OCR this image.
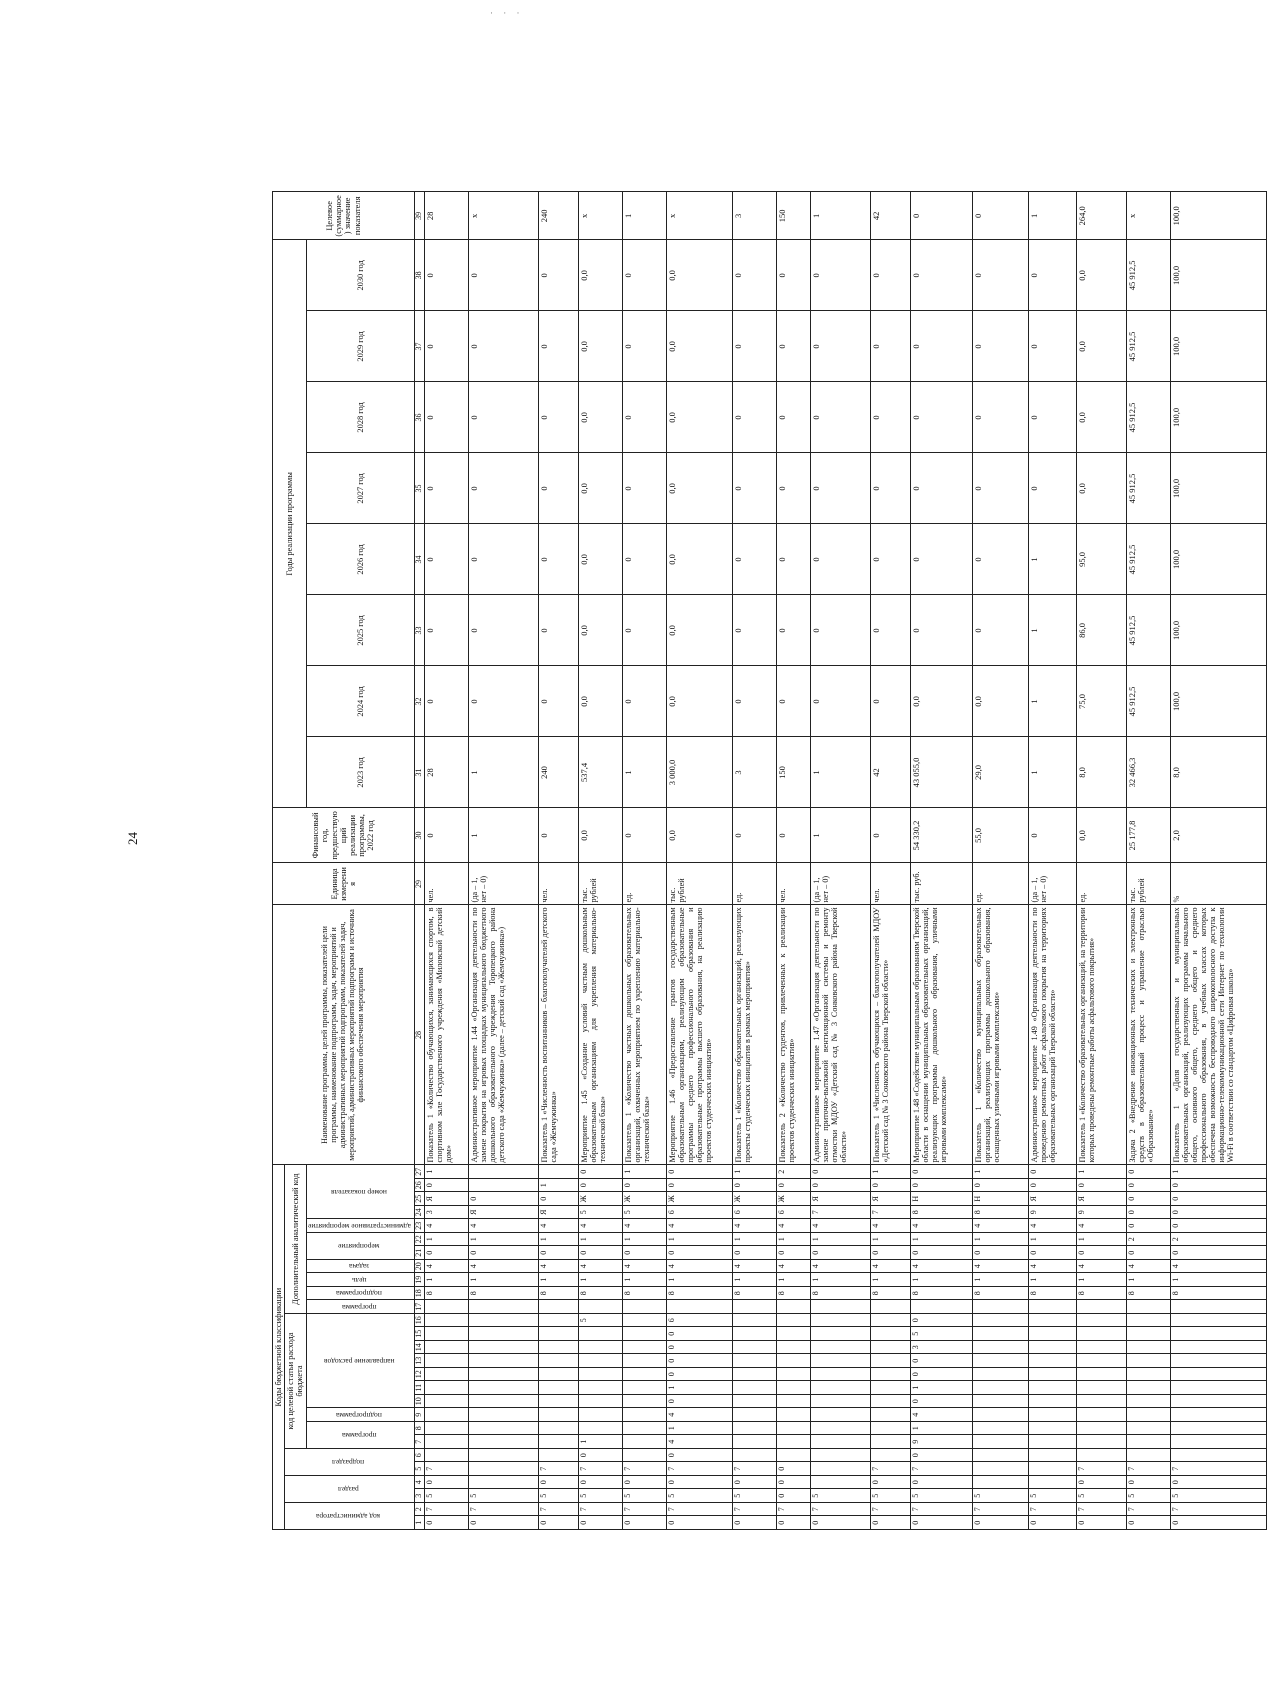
· · ·
24
Коды бюджетной классификации																											Наименование программы, целей программы, показателей цели программы, наименование подпрограмм, задач, мероприятий и административных мероприятий подпрограмм, показателей задач, мероприятий, административных мероприятий подпрограмм и источника финансового обеспечения мероприятия	Единица измерения	Финансовый год, предшествующий реализации программы, 2022 год	Годы реализации программы								Целевое (суммарное) значение показателя
код администратора		раздел		подраздел		код целевой статьи расхода бюджета										Дополнительный аналитический код																						
						программа		подпрограмма	направление расходов							программа	подпрограмма	цель	задача	мероприятие		административное мероприятие	номер показателя															
																														2023 год	2024 год	2025 год	2026 год	2027 год	2028 год	2029 год	2030 год	
1	2	3	4	5	6	7	8	9	10	11	12	13	14	15	16	17	18	19	20	21	22	23	24	25	26	27	28	29	30	31	32	33	34	35	36	37	38	39
0	7	5	0	7													8	1	4	0	1	4	3	Я	0	1	Показатель 1 «Количество обучающихся, занимающихся спортом, в спортивном зале Государственного учреждения «Миловской детский дом»	чел.	0	28	0	0	0	0	0	0	0	28
0	7	5															8	1	4	0	1	4	Я	0			Административное мероприятие 1.44 «Организация деятельности по замене покрытия на игровых площадках муниципального бюджетного дошкольного образовательного учреждения Торопецкого района детского сада «Жемчужинка» (далее – детский сад «Жемчужинка»)	(да – 1, нет – 0)	1	1	0	0	0	0	0	0	0	х
0	7	5	0	7													8	1	4	0	1	4	Я	0	1		Показатель 1 «Численность воспитанников – благополучателей детского сада «Жемчужинка»	чел.	0	240	0	0	0	0	0	0	0	240
0	7	5	0	7	0	1									5		8	1	4	0	1	4	5	Ж	0	0	Мероприятие 1.45 «Создание условий частным дошкольным образовательным организациям для укрепления материально-технической базы»	тыс. рублей	0,0	537,4	0,0	0,0	0,0	0,0	0,0	0,0	0,0	х
0	7	5	0	7													8	1	4	0	1	4	5	Ж	0	1	Показатель 1 «Количество частных дошкольных образовательных организаций, охваченных мероприятием по укреплению материально-технической базы»	ед.	0	1	0	0	0	0	0	0	0	1
0	7	5	0	7	0	4	1	4	0	1	0	0	0	0	6		8	1	4	0	1	4	6	Ж	0	0	Мероприятие 1.46 «Предоставление грантов государственным образовательным организациям, реализующим образовательные программы среднего профессионального образования и образовательные программы высшего образования, на реализацию проектов студенческих инициатив»	тыс. рублей	0,0	3 000,0	0,0	0,0	0,0	0,0	0,0	0,0	0,0	х
0	7	5	0	7													8	1	4	0	1	4	6	Ж	0	1	Показатель 1 «Количество образовательных организаций, реализующих проекты студенческих инициатив в рамках мероприятия»	ед.	0	3	0	0	0	0	0	0	0	3
0	7	0	0	0													8	1	4	0	1	4	6	Ж	0	2	Показатель 2 «Количество студентов, привлеченных к реализации проектов студенческих инициатив»	чел.	0	150	0	0	0	0	0	0	0	150
0	7	5															8	1	4	0	1	4	7	Я	0	0	Административное мероприятие 1.47 «Организация деятельности по замене приточно-вытяжной вентиляционной системы и ремонту отмостки МДОУ «Детский сад № 3 Сонковского района Тверской области»	(да – 1, нет – 0)	1	1	0	0	0	0	0	0	0	1
0	7	5	0	7													8	1	4	0	1	4	7	Я	0	1	Показатель 1 «Численность обучающихся – благополучателей МДОУ «Детский сад № 3 Сонковского района Тверской области»	чел.	0	42	0	0	0	0	0	0	0	42
0	7	5	0	7	0	9	1	4	0	1	0	0	3	5	0		8	1	4	0	1	4	8	Н	0	0	Мероприятие 1.48 «Содействие муниципальным образованиям Тверской области в оснащении муниципальных образовательных организаций, реализующих программы дошкольного образования, уличными игровыми комплексами»	тыс. руб.	54 330,2	43 055,0	0,0	0	0	0	0	0	0	0
0	7	5															8	1	4	0	1	4	8	Н	0	1	Показатель 1 «Количество муниципальных образовательных организаций, реализующих программы дошкольного образования, оснащенных уличными игровыми комплексами»	ед.	55,0	29,0	0,0	0	0	0	0	0	0	0
0	7	5															8	1	4	0	1	4	9	Я	0	0	Административное мероприятие 1.49 «Организация деятельности по проведению ремонтных работ асфальтового покрытия на территориях образовательных организаций Тверской области»	(да – 1, нет – 0)	0	1	1	1	1	0	0	0	0	1
0	7	5	0	7													8	1	4	0	1	4	9	Я	0	1	Показатель 1 «Количество образовательных организаций, на территории которых проведены ремонтные работы асфальтового покрытия»	ед.	0,0	8,0	75,0	86,0	95,0	0,0	0,0	0,0	0,0	264,0
0	7	5	0	7													8	1	4	0	2	0	0	0	0	0	Задача 2 «Внедрение инновационных технических и электронных средств в образовательный процесс и управление отраслью «Образование»	тыс. рублей	25 177,8	32 466,3	45 912,5	45 912,5	45 912,5	45 912,5	45 912,5	45 912,5	45 912,5	х
0	7	5	0	7													8	1	4	0	2	0	0	0	0	1	Показатель 1 «Доля государственных и муниципальных образовательных организаций, реализующих программы начального общего, основного общего, среднего общего и среднего профессионального образования, в учебных классах которых обеспечена возможность беспроводного широкополосного доступа к информационно-телекоммуникационной сети Интернет по технологии Wi-Fi в соответствии со стандартом «Цифровая школа»	%	2,0	8,0	100,0	100,0	100,0	100,0	100,0	100,0	100,0	100,0
